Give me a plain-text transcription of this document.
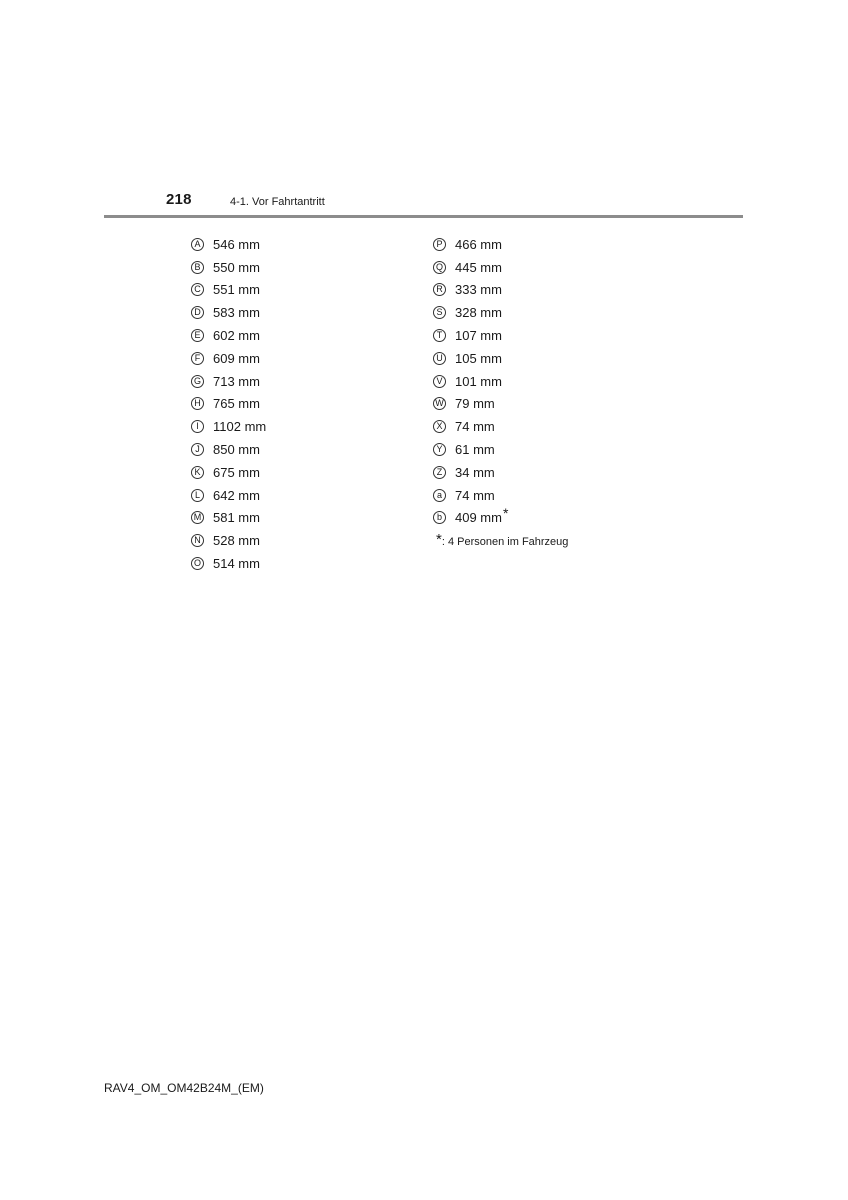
218	4-1. Vor Fahrtantritt
A 546 mm
B 550 mm
C 551 mm
D 583 mm
E 602 mm
F 609 mm
G 713 mm
H 765 mm
I	1102 mm
J	850 mm
K 675 mm
L	642 mm
M 581 mm
N 528 mm
O 514 mm
P 466 mm
Q 445 mm
R 333 mm
S 328 mm
T 107 mm
U 105 mm
V 101 mm
W 79 mm
X 74 mm
Y 61 mm
Z 34 mm
a	74 mm
b	409 mm *
* : 4 Personen im Fahrzeug
RAV4_OM_OM42B24M_(EM)
